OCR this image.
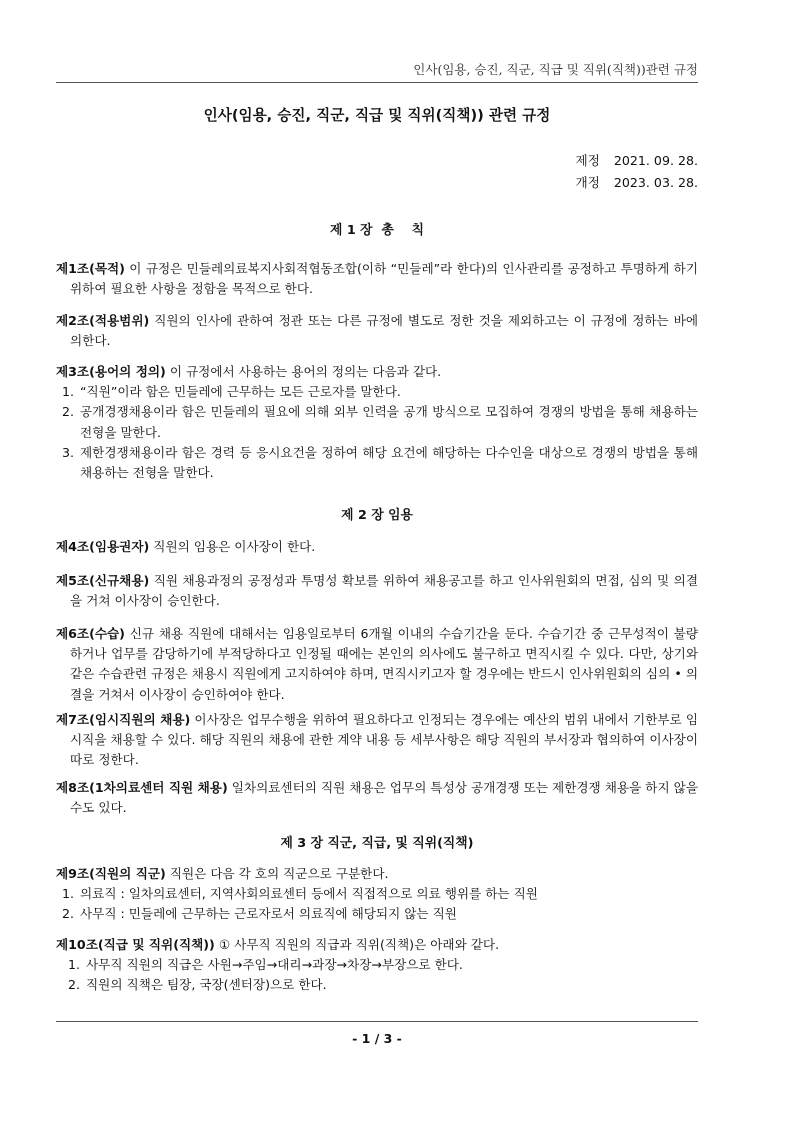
인사(임용, 승진, 직군, 직급 및 직위(직책))관련 규정
인사(임용, 승진, 직군, 직급 및 직위(직책)) 관련 규정
제정 2021. 09. 28.
개정 2023. 03. 28.
제 1 장  총    칙

제1조(목적) 이 규정은 민들레의료복지사회적협동조합(이하 “민들레”라 한다)의 인사관리를 공정하고 투명하게 하기 위하여 필요한 사항을 정함을 목적으로 한다.

제2조(적용범위) 직원의 인사에 관하여 정관 또는 다른 규정에 별도로 정한 것을 제외하고는 이 규정에 정하는 바에 의한다.

제3조(용어의 정의) 이 규정에서 사용하는 용어의 정의는 다음과 같다.

1. “직원”이라 함은 민들레에 근무하는 모든 근로자를 말한다.
2. 공개경쟁채용이라 함은 민들레의 필요에 의해 외부 인력을 공개 방식으로 모집하여 경쟁의 방법을 통해 채용하는 전형을 말한다.
3. 제한경쟁채용이라 함은 경력 등 응시요건을 정하여 해당 요건에 해당하는 다수인을 대상으로 경쟁의 방법을 통해 채용하는 전형을 말한다.
제 2 장 임용

제4조(임용권자) 직원의 임용은 이사장이 한다.

제5조(신규채용) 직원 채용과정의 공정성과 투명성 확보를 위하여 채용공고를 하고 인사위원회의 면접, 심의 및 의결을 거쳐 이사장이 승인한다.

제6조(수습) 신규 채용 직원에 대해서는 임용일로부터 6개월 이내의 수습기간을 둔다. 수습기간 중 근무성적이 불량하거나 업무를 감당하기에 부적당하다고 인정될 때에는 본인의 의사에도 불구하고 면직시킬 수 있다. 다만, 상기와 같은 수습관련 규정은 채용시 직원에게 고지하여야 하며, 면직시키고자 할 경우에는 반드시 인사위원회의 심의 • 의결을 거쳐서 이사장이 승인하여야 한다.

제7조(임시직원의 채용) 이사장은 업무수행을 위하여 필요하다고 인정되는 경우에는 예산의 범위 내에서 기한부로 임시직을 채용할 수 있다. 해당 직원의 채용에 관한 계약 내용 등 세부사항은 해당 직원의 부서장과 협의하여 이사장이 따로 정한다.

제8조(1차의료센터 직원 채용) 일차의료센터의 직원 채용은 업무의 특성상 공개경쟁 또는 제한경쟁 채용을 하지 않을 수도 있다.

제 3 장 직군, 직급, 및 직위(직책)

제9조(직원의 직군) 직원은 다음 각 호의 직군으로 구분한다.

1. 의료직 : 일차의료센터, 지역사회의료센터 등에서 직접적으로 의료 행위를 하는 직원
2. 사무직 : 민들레에 근무하는 근로자로서 의료직에 해당되지 않는 직원

제10조(직급 및 직위(직책)) ① 사무직 직원의 직급과 직위(직책)은 아래와 같다.

1. 사무직 직원의 직급은 사원→주임→대리→과장→차장→부장으로 한다.
2. 직원의 직책은 팀장, 국장(센터장)으로 한다.
- 1 / 3 -
